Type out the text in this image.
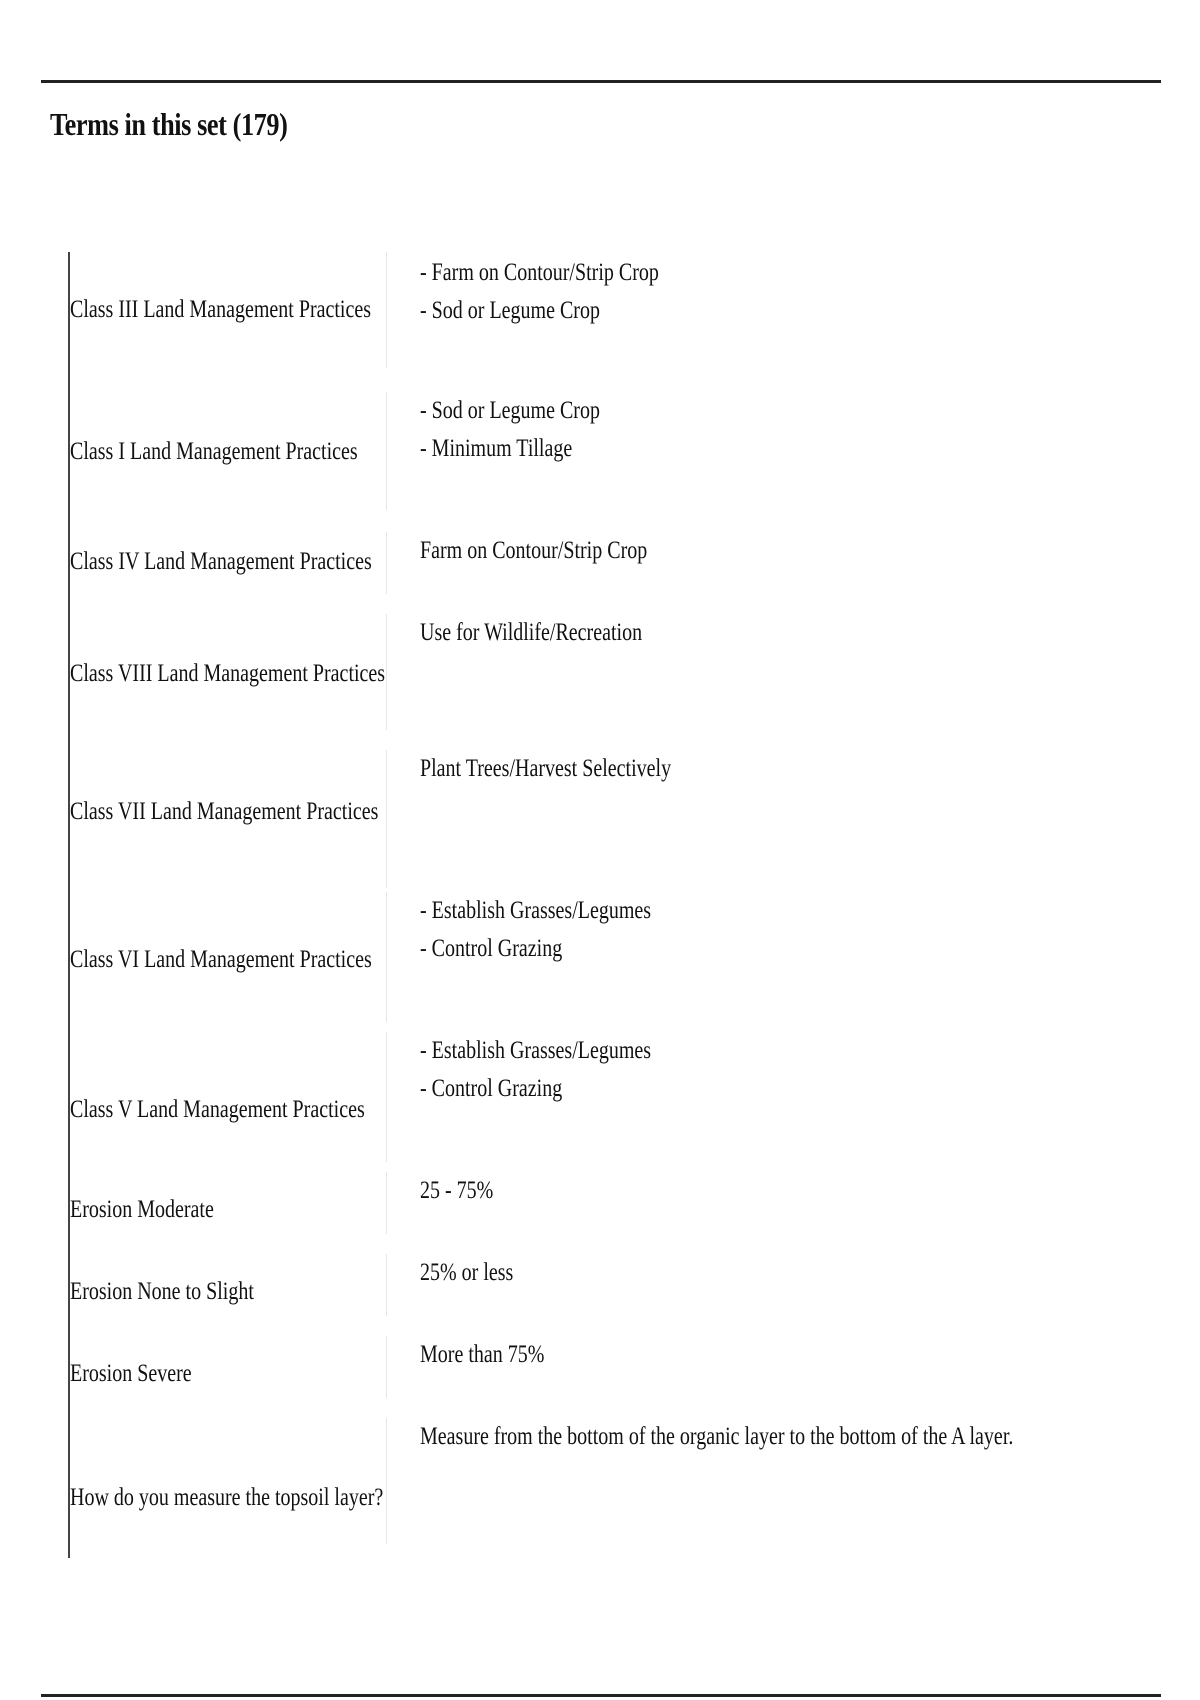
Terms in this set (179)
Class III Land Management Practices
- Farm on Contour/Strip Crop
- Sod or Legume Crop
Class I Land Management Practices
- Sod or Legume Crop
- Minimum Tillage
Class IV Land Management Practices Farm on Contour/Strip Crop
Class VIII Land Management Practices
Use for Wildlife/Recreation
Class VII Land Management Practices
Plant Trees/Harvest Selectively
Class VI Land Management Practices
- Establish Grasses/Legumes
- Control Grazing
Class V Land Management Practices
- Establish Grasses/Legumes
- Control Grazing
Erosion Moderate
25 - 75%
Erosion None to Slight
25% or less
Erosion Severe
More than 75%
How do you measure the topsoil layer?
Measure from the bottom of the organic layer to the bottom of the A layer.
